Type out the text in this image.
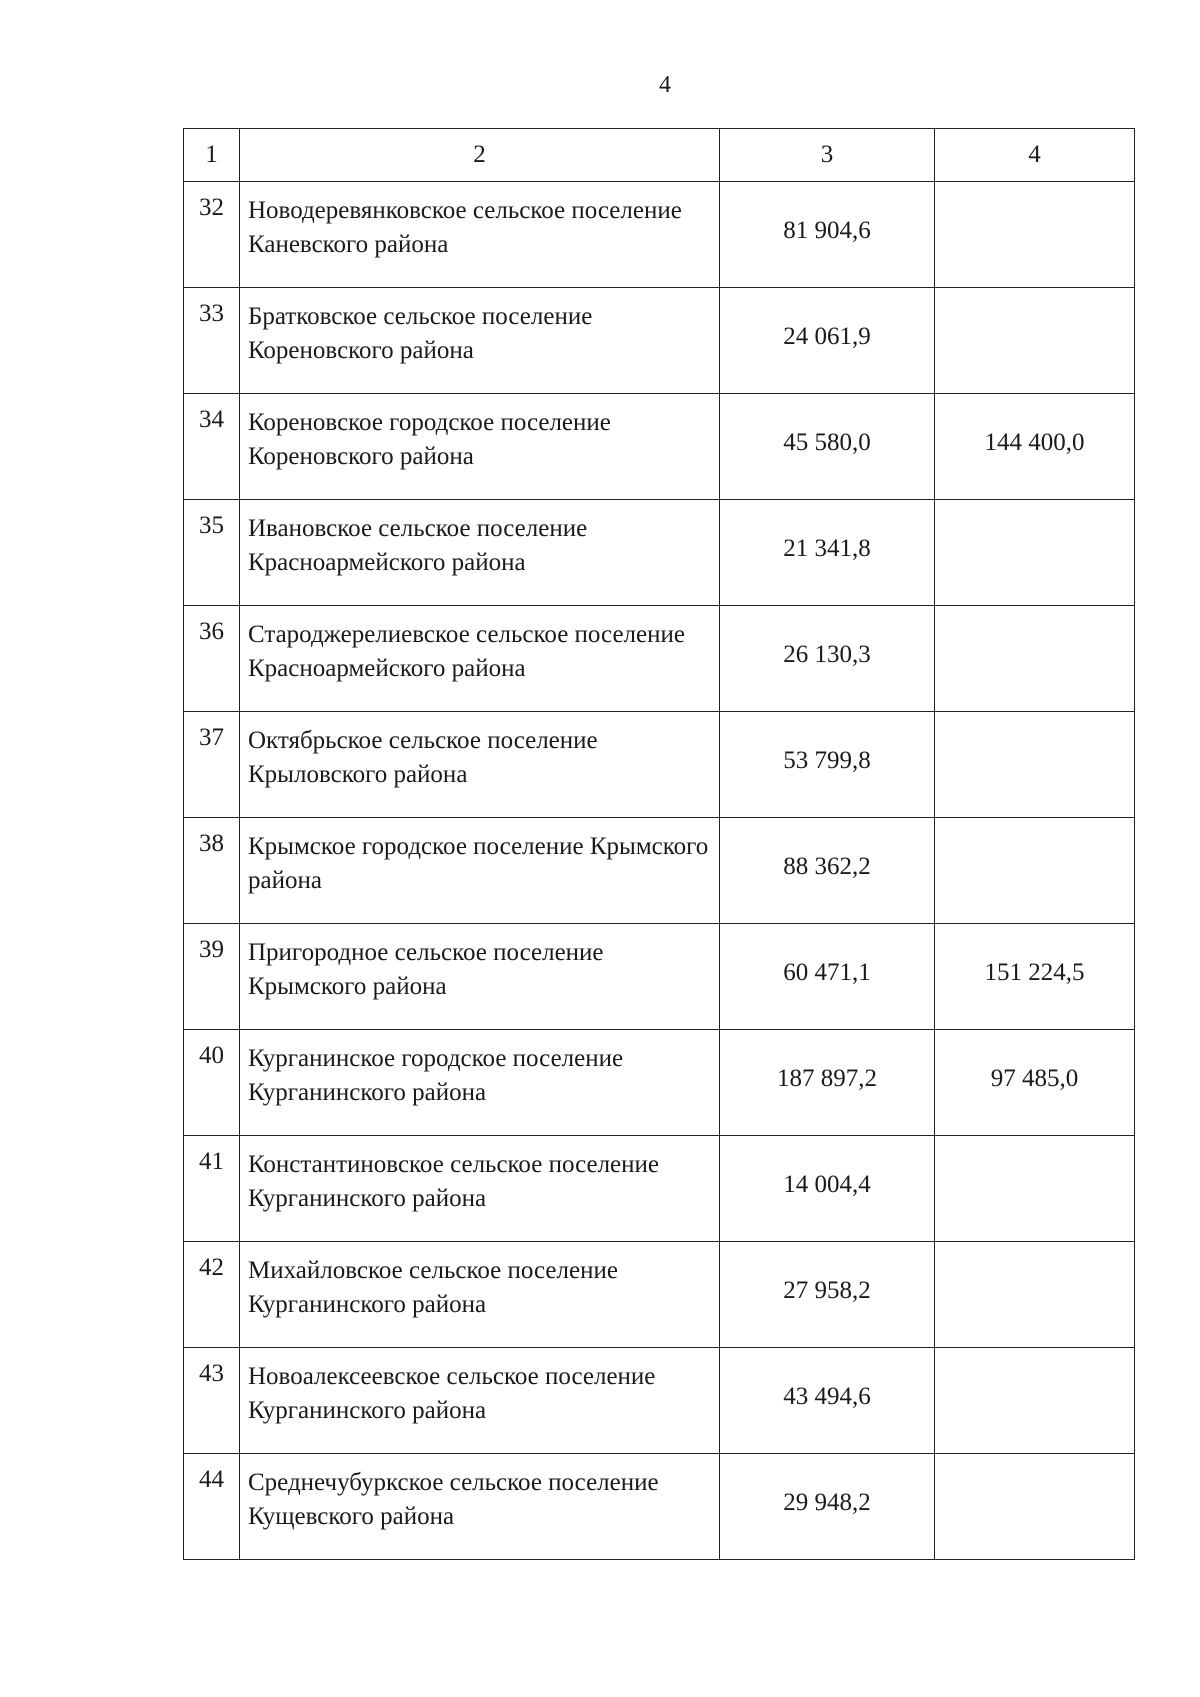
4
1	2	3	4
32	Новодеревянковское сельское поселение Каневского района	81 904,6	
33	Братковское сельское поселение Кореновского района	24 061,9	
34	Кореновское городское поселение Кореновского района	45 580,0	144 400,0
35	Ивановское сельское поселение Красноармейского района	21 341,8	
36	Староджерелиевское сельское поселение Красноармейского района	26 130,3	
37	Октябрьское сельское поселение Крыловского района	53 799,8	
38	Крымское городское поселение Крымского района	88 362,2	
39	Пригородное сельское поселение Крымского района	60 471,1	151 224,5
40	Курганинское городское поселение Курганинского района	187 897,2	97 485,0
41	Константиновское сельское поселение Курганинского района	14 004,4	
42	Михайловское сельское поселение Курганинского района	27 958,2	
43	Новоалексеевское сельское поселение Курганинского района	43 494,6	
44	Среднечубуркское сельское поселение Кущевского района	29 948,2	
